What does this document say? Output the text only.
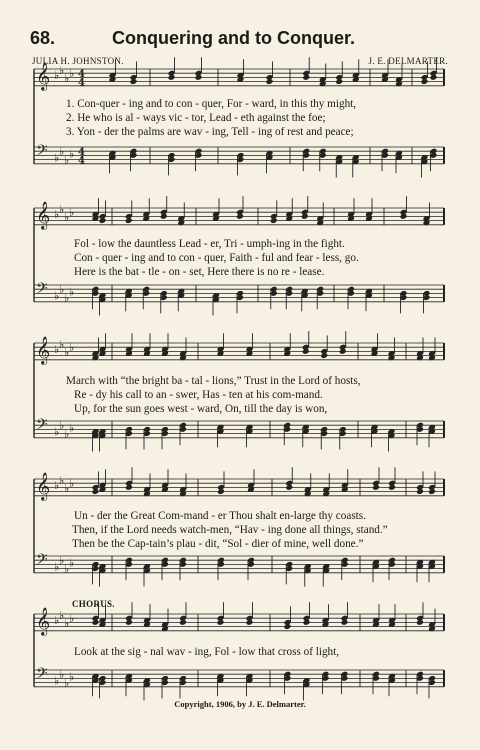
68.	Conquering and to Conquer.
JULIA H. JOHNSTON.	J. E. DELMARTER.
𝄞 ♭ ♭
♭ ♭ 4
4
𝄢 ♭ ♭
♭ ♭ 4
4
𝄞 ♭ ♭
♭ ♭
𝄢 ♭ ♭
♭ ♭
𝄞 ♭ ♭
♭ ♭
𝄢 ♭ ♭
♭ ♭
𝄞 ♭ ♭
♭ ♭
𝄢 ♭ ♭
♭ ♭
𝄞 ♭ ♭
♭ ♭
𝄢 ♭ ♭
♭ ♭
1. Con-quer - ing and to con - quer, For - ward, in this thy might,
2. He who is al - ways vic - tor, Lead - eth against the foe;
3. Yon - der the palms are wav - ing, Tell - ing of rest and peace;
Fol - low the dauntless Lead - er, Tri - umph-ing in the fight.
Con - quer - ing and to con - quer, Faith - ful and fear - less, go.
Here is the bat - tle - on - set, Here there is no re - lease.
March with “the bright ba - tal - lions,” Trust in the Lord of hosts,
Re - dy his call to an - swer, Has - ten at his com-mand.
Up, for the sun goes west - ward, On, till the day is won,
Un - der the Great Com-mand - er Thou shalt en-large thy coasts.
Then, if the Lord needs watch-men, “Hav - ing done all things, stand.”
Then be the Cap-tain’s plau - dit, “Sol - dier of mine, well done.”
CHORUS.
Look at the sig - nal wav - ing, Fol - low that cross of light,
Copyright, 1906, by J. E. Delmarter.
